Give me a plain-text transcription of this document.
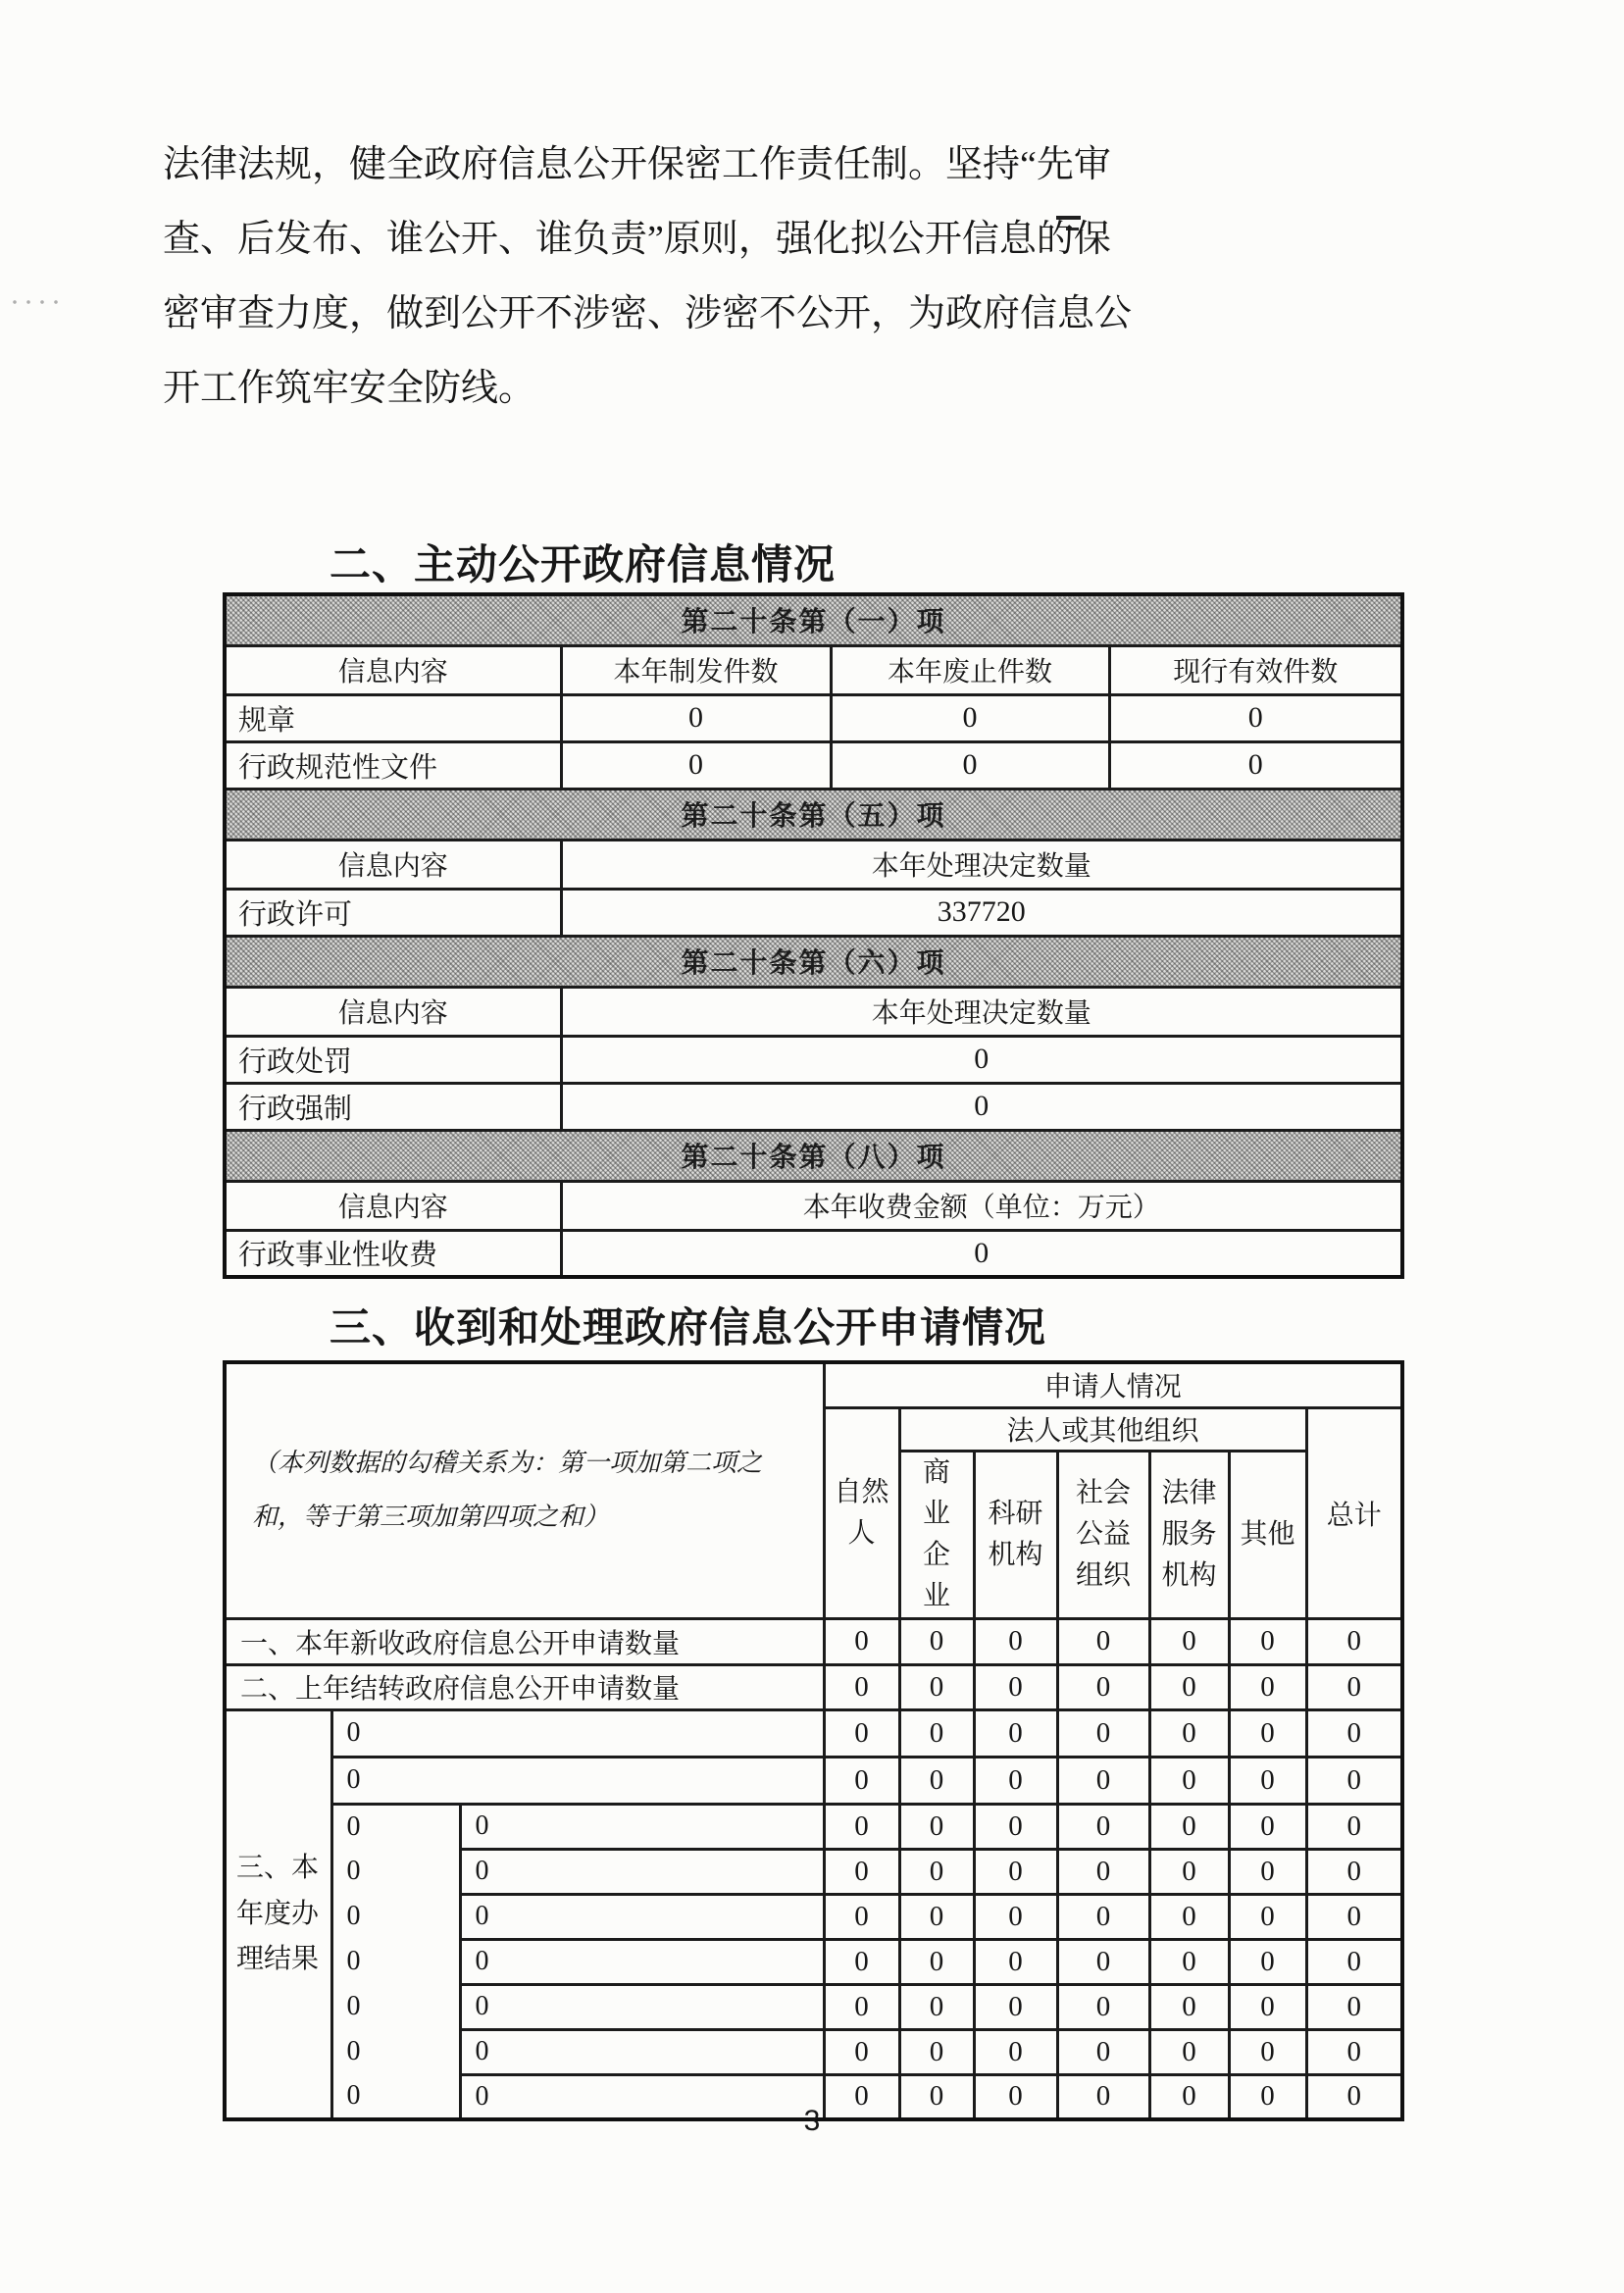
法律法规，健全政府信息公开保密工作责任制。坚持“先审
查、后发布、谁公开、谁负责”原则，强化拟公开信息的保
密审查力度，做到公开不涉密、涉密不公开，为政府信息公
开工作筑牢安全防线。
二、主动公开政府信息情况
第二十条第（一）项			
信息内容	本年制发件数	本年废止件数	现行有效件数
规章	0	0	0
行政规范性文件	0	0	0
第二十条第（五）项			
信息内容	本年处理决定数量		
行政许可	337720		
第二十条第（六）项			
信息内容	本年处理决定数量		
行政处罚	0		
行政强制	0		
第二十条第（八）项			
信息内容	本年收费金额（单位：万元）		
行政事业性收费	0		
三、收到和处理政府信息公开申请情况
（本列数据的勾稽关系为：第一项加第二项之
和，等于第三项加第四项之和）			申请人情况						
			自然人	法人或其他组织					总计
				商业企业	科研机构	社会公益组织	法律服务机构	其他	
一、本年新收政府信息公开申请数量			0	0	0	0	0	0	0
二、上年结转政府信息公开申请数量			0	0	0	0	0	0	0
三、本年度办理结果	0		0	0	0	0	0	0	0
	0		0	0	0	0	0	0	0
	0	0	0	0	0	0	0	0	0
	0	0	0	0	0	0	0	0	0
	0	0	0	0	0	0	0	0	0
	0	0	0	0	0	0	0	0	0
	0	0	0	0	0	0	0	0	0
	0	0	0	0	0	0	0	0	0
	0	0	0	0	0	0	0	0	0
3
